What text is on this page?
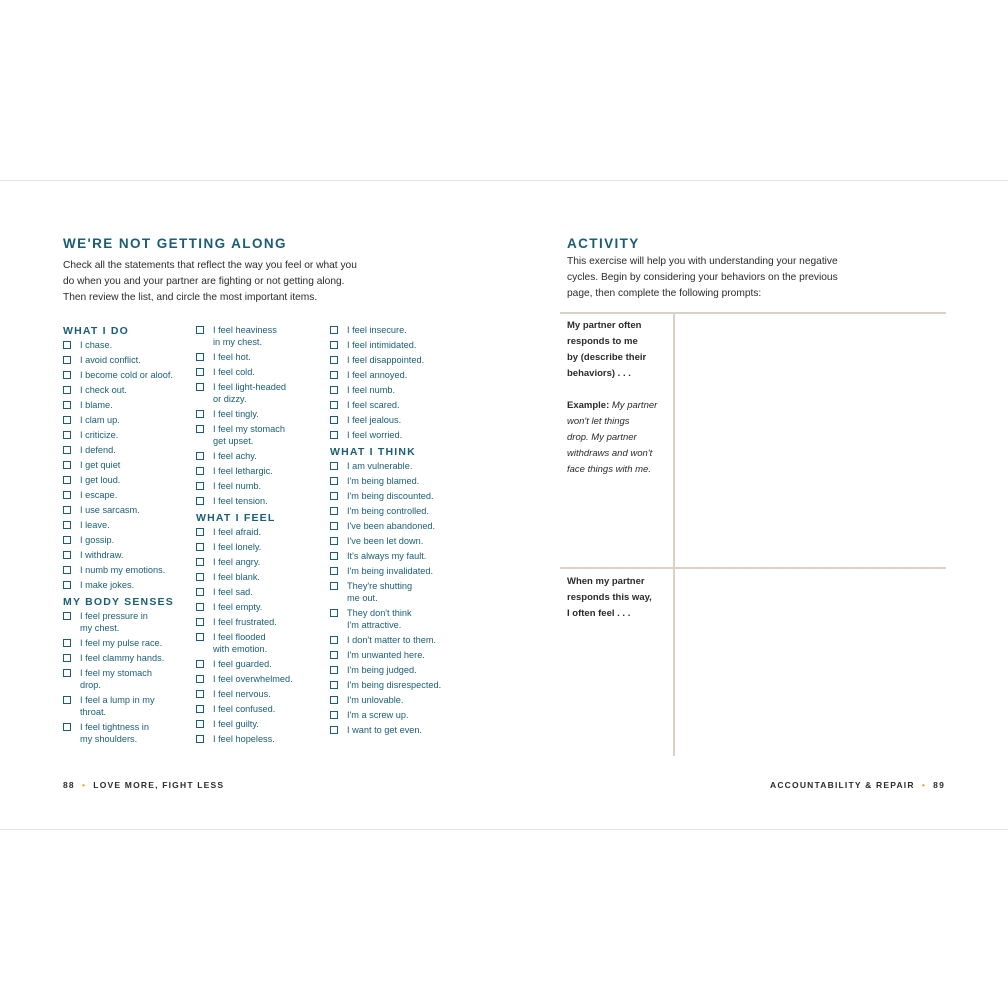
WE'RE NOT GETTING ALONG
Check all the statements that reflect the way you feel or what you
do when you and your partner are fighting or not getting along.
Then review the list, and circle the most important items.
WHAT I DO
I chase.
I avoid conflict.
I become cold or aloof.
I check out.
I blame.
I clam up.
I criticize.
I defend.
I get quiet
I get loud.
I escape.
I use sarcasm.
I leave.
I gossip.
I withdraw.
I numb my emotions.
I make jokes.
MY BODY SENSES
I feel pressure in
my chest.
I feel my pulse race.
I feel clammy hands.
I feel my stomach
drop.
I feel a lump in my
throat.
I feel tightness in
my shoulders.
I feel heaviness
in my chest.
I feel hot.
I feel cold.
I feel light-headed
or dizzy.
I feel tingly.
I feel my stomach
get upset.
I feel achy.
I feel lethargic.
I feel numb.
I feel tension.
WHAT I FEEL
I feel afraid.
I feel lonely.
I feel angry.
I feel blank.
I feel sad.
I feel empty.
I feel frustrated.
I feel flooded
with emotion.
I feel guarded.
I feel overwhelmed.
I feel nervous.
I feel confused.
I feel guilty.
I feel hopeless.
I feel insecure.
I feel intimidated.
I feel disappointed.
I feel annoyed.
I feel numb.
I feel scared.
I feel jealous.
I feel worried.
WHAT I THINK
I am vulnerable.
I'm being blamed.
I'm being discounted.
I'm being controlled.
I've been abandoned.
I've been let down.
It's always my fault.
I'm being invalidated.
They're shutting
me out.
They don't think
I'm attractive.
I don't matter to them.
I'm unwanted here.
I'm being judged.
I'm being disrespected.
I'm unlovable.
I'm a screw up.
I want to get even.
88  •  LOVE MORE, FIGHT LESS
ACTIVITY
This exercise will help you with understanding your negative
cycles. Begin by considering your behaviors on the previous
page, then complete the following prompts:
My partner often
responds to me
by (describe their
behaviors) . . .
Example: My partner
won't let things
drop. My partner
withdraws and won't
face things with me.
When my partner
responds this way,
I often feel . . .
ACCOUNTABILITY & REPAIR  •  89
